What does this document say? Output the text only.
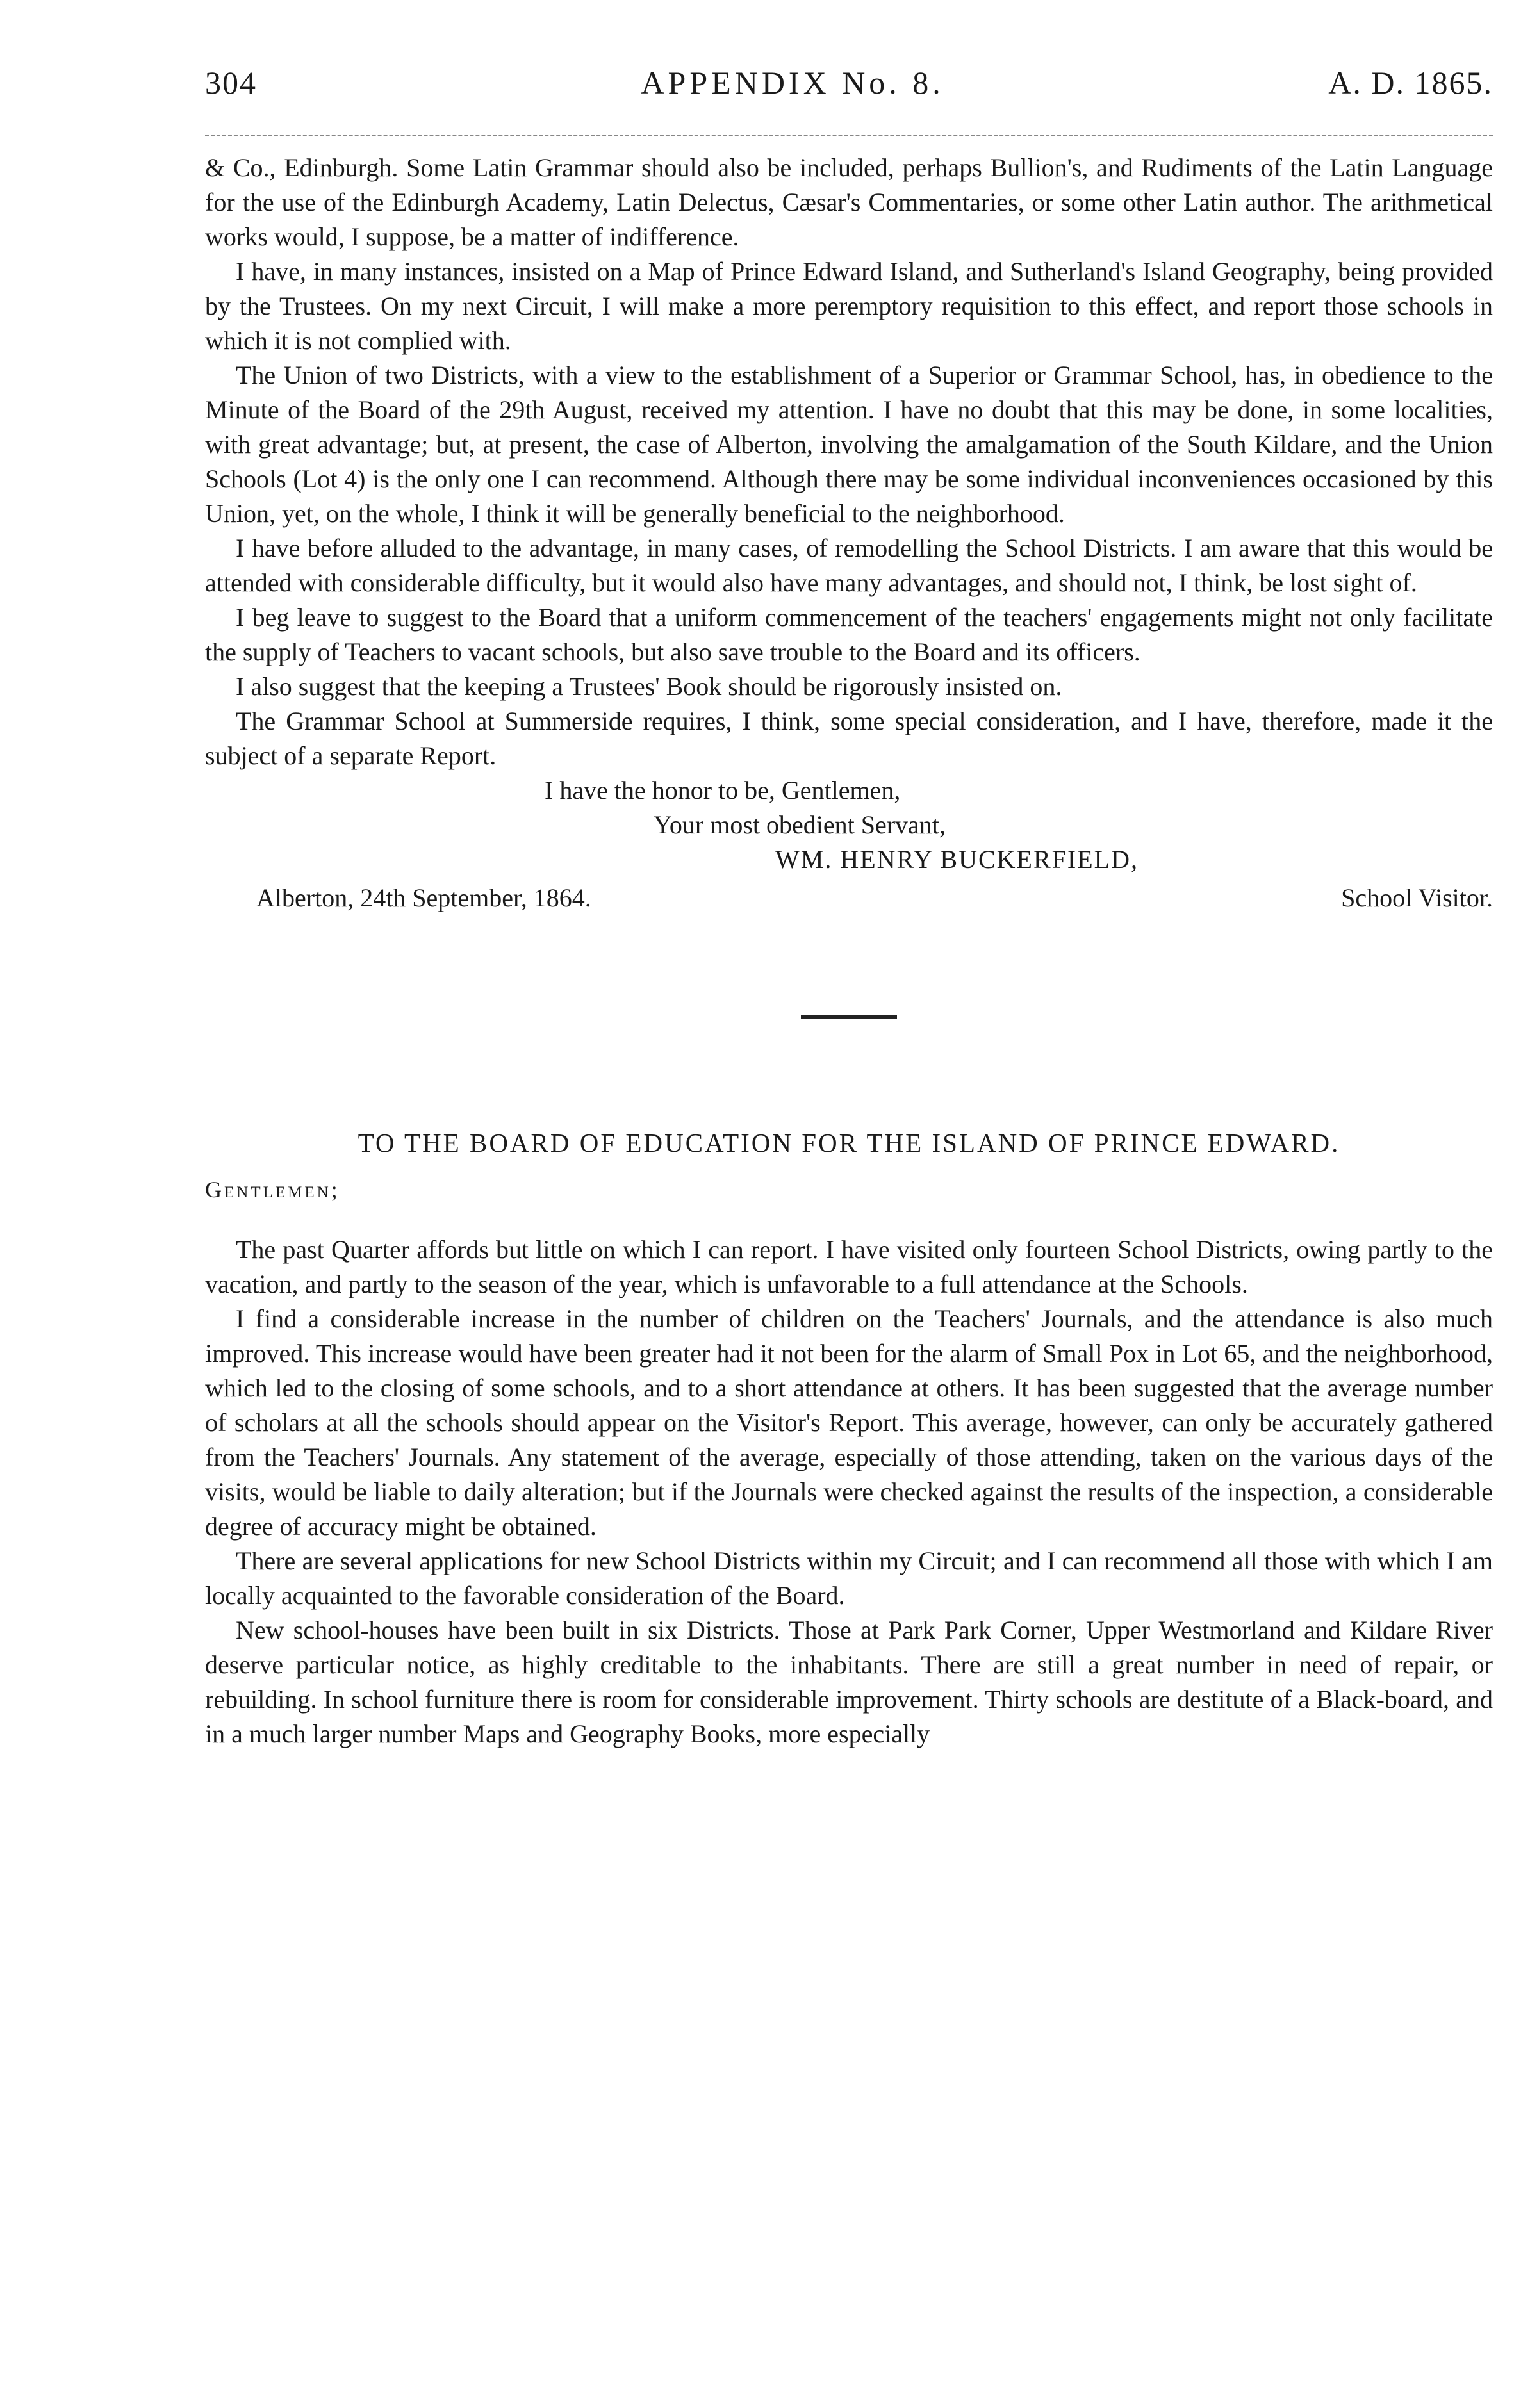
304	APPENDIX No. 8.	A. D. 1865.

& Co., Edinburgh. Some Latin Grammar should also be included, perhaps Bullion's, and Rudiments of the Latin Language for the use of the Edinburgh Academy, Latin Delectus, Cæsar's Commentaries, or some other Latin author. The arithmetical works would, I suppose, be a matter of indifference.

I have, in many instances, insisted on a Map of Prince Edward Island, and Sutherland's Island Geography, being provided by the Trustees. On my next Circuit, I will make a more peremptory requisition to this effect, and report those schools in which it is not complied with.

The Union of two Districts, with a view to the establishment of a Superior or Grammar School, has, in obedience to the Minute of the Board of the 29th August, received my attention. I have no doubt that this may be done, in some localities, with great advantage; but, at present, the case of Alberton, involving the amalgamation of the South Kildare, and the Union Schools (Lot 4) is the only one I can recommend. Although there may be some individual inconveniences occasioned by this Union, yet, on the whole, I think it will be generally beneficial to the neighborhood.

I have before alluded to the advantage, in many cases, of remodelling the School Districts. I am aware that this would be attended with considerable difficulty, but it would also have many advantages, and should not, I think, be lost sight of.

I beg leave to suggest to the Board that a uniform commencement of the teachers' engagements might not only facilitate the supply of Teachers to vacant schools, but also save trouble to the Board and its officers.

I also suggest that the keeping a Trustees' Book should be rigorously insisted on.

The Grammar School at Summerside requires, I think, some special consideration, and I have, therefore, made it the subject of a separate Report.

I have the honor to be, Gentlemen,
Your most obedient Servant,
WM. HENRY BUCKERFIELD,
Alberton, 24th September, 1864.	School Visitor.
TO THE BOARD OF EDUCATION FOR THE ISLAND OF PRINCE EDWARD.
Gentlemen;

The past Quarter affords but little on which I can report. I have visited only fourteen School Districts, owing partly to the vacation, and partly to the season of the year, which is unfavorable to a full attendance at the Schools.

I find a considerable increase in the number of children on the Teachers' Journals, and the attendance is also much improved. This increase would have been greater had it not been for the alarm of Small Pox in Lot 65, and the neighborhood, which led to the closing of some schools, and to a short attendance at others. It has been suggested that the average number of scholars at all the schools should appear on the Visitor's Report. This average, however, can only be accurately gathered from the Teachers' Journals. Any statement of the average, especially of those attending, taken on the various days of the visits, would be liable to daily alteration; but if the Journals were checked against the results of the inspection, a considerable degree of accuracy might be obtained.

There are several applications for new School Districts within my Circuit; and I can recommend all those with which I am locally acquainted to the favorable consideration of the Board.

New school-houses have been built in six Districts. Those at Park Park Corner, Upper Westmorland and Kildare River deserve particular notice, as highly creditable to the inhabitants. There are still a great number in need of repair, or rebuilding. In school furniture there is room for considerable improvement. Thirty schools are destitute of a Black-board, and in a much larger number Maps and Geography Books, more especially
